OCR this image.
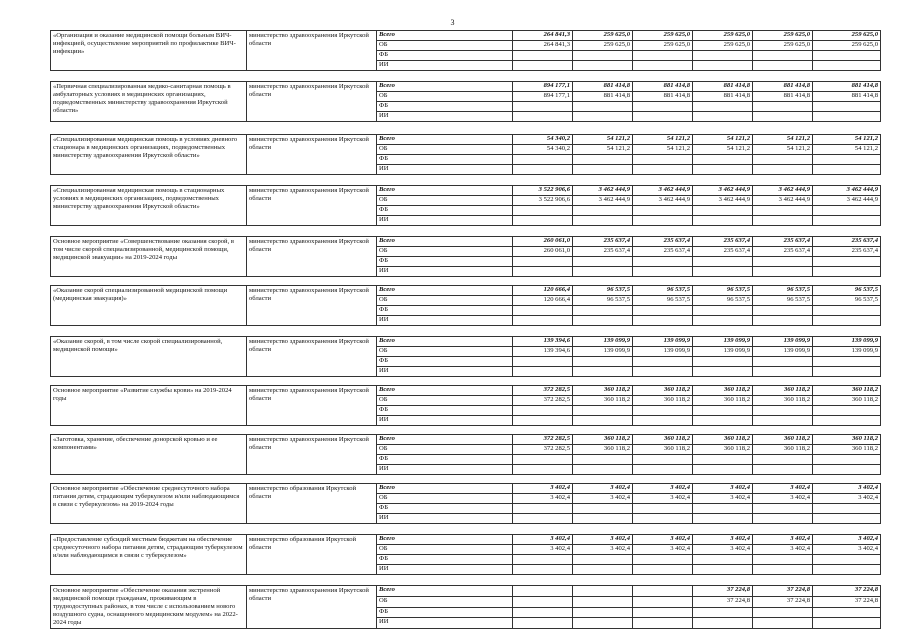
3
«Организация и оказание медицинской помощи больным ВИЧ-инфекцией, осуществление мероприятий по профилактике ВИЧ-инфекции»	министерство здравоохранения Иркутской области	Всего	264 841,3	259 625,0	259 625,0	259 625,0	259 625,0	259 625,0
		ОБ	264 841,3	259 625,0	259 625,0	259 625,0	259 625,0	259 625,0
		ФБ						
		ИИ						

«Первичная специализированная медико-санитарная помощь в амбулаторных условиях в медицинских организациях, подведомственных министерству здравоохранения Иркутской области»	министерство здравоохранения Иркутской области	Всего	894 177,1	881 414,8	881 414,8	881 414,8	881 414,8	881 414,8
		ОБ	894 177,1	881 414,8	881 414,8	881 414,8	881 414,8	881 414,8
		ФБ						
		ИИ						

«Специализированная медицинская помощь в условиях дневного стационара в медицинских организациях, подведомственных министерству здравоохранения Иркутской области»	министерство здравоохранения Иркутской области	Всего	54 340,2	54 121,2	54 121,2	54 121,2	54 121,2	54 121,2
		ОБ	54 340,2	54 121,2	54 121,2	54 121,2	54 121,2	54 121,2
		ФБ						
		ИИ						

«Специализированная медицинская помощь в стационарных условиях в медицинских организациях, подведомственных министерству здравоохранения Иркутской области»	министерство здравоохранения Иркутской области	Всего	3 522 906,6	3 462 444,9	3 462 444,9	3 462 444,9	3 462 444,9	3 462 444,9
		ОБ	3 522 906,6	3 462 444,9	3 462 444,9	3 462 444,9	3 462 444,9	3 462 444,9
		ФБ						
		ИИ						

Основное мероприятие «Совершенствование оказания скорой, в том числе скорой специализированной, медицинской помощи, медицинской эвакуации» на 2019-2024 годы	министерство здравоохранения Иркутской области	Всего	260 061,0	235 637,4	235 637,4	235 637,4	235 637,4	235 637,4
		ОБ	260 061,0	235 637,4	235 637,4	235 637,4	235 637,4	235 637,4
		ФБ						
		ИИ						

«Оказание скорой специализированной медицинской помощи (медицинская эвакуация)»	министерство здравоохранения Иркутской области	Всего	120 666,4	96 537,5	96 537,5	96 537,5	96 537,5	96 537,5
		ОБ	120 666,4	96 537,5	96 537,5	96 537,5	96 537,5	96 537,5
		ФБ						
		ИИ						

«Оказание скорой, в том числе скорой специализированной, медицинской помощи»	министерство здравоохранения Иркутской области	Всего	139 394,6	139 099,9	139 099,9	139 099,9	139 099,9	139 099,9
		ОБ	139 394,6	139 099,9	139 099,9	139 099,9	139 099,9	139 099,9
		ФБ						
		ИИ						

Основное мероприятие «Развитие службы крови» на 2019-2024 годы	министерство здравоохранения Иркутской области	Всего	372 282,5	360 118,2	360 118,2	360 118,2	360 118,2	360 118,2
		ОБ	372 282,5	360 118,2	360 118,2	360 118,2	360 118,2	360 118,2
		ФБ						
		ИИ						

«Заготовка, хранение, обеспечение донорской кровью и ее компонентами»	министерство здравоохранения Иркутской области	Всего	372 282,5	360 118,2	360 118,2	360 118,2	360 118,2	360 118,2
		ОБ	372 282,5	360 118,2	360 118,2	360 118,2	360 118,2	360 118,2
		ФБ						
		ИИ						

Основное мероприятие «Обеспечение среднесуточного набора питания детям, страдающим туберкулезом и/или наблюдающимся в связи с туберкулезом» на 2019-2024 годы	министерство образования Иркутской области	Всего	3 402,4	3 402,4	3 402,4	3 402,4	3 402,4	3 402,4
		ОБ	3 402,4	3 402,4	3 402,4	3 402,4	3 402,4	3 402,4
		ФБ						
		ИИ						

«Предоставление субсидий местным бюджетам на обеспечение среднесуточного набора питания детям, страдающим туберкулезом и/или наблюдающимся в связи с туберкулезом»	министерство образования Иркутской области	Всего	3 402,4	3 402,4	3 402,4	3 402,4	3 402,4	3 402,4
		ОБ	3 402,4	3 402,4	3 402,4	3 402,4	3 402,4	3 402,4
		ФБ						
		ИИ						

Основное мероприятие «Обеспечение оказания экстренной медицинской помощи гражданам, проживающим в труднодоступных районах, в том числе с использованием нового воздушного судна, оснащенного медицинским модулем» на 2022-2024 годы	министерство здравоохранения Иркутской области	Всего				37 224,8	37 224,8	37 224,8
		ОБ				37 224,8	37 224,8	37 224,8
		ФБ						
		ИИ						
